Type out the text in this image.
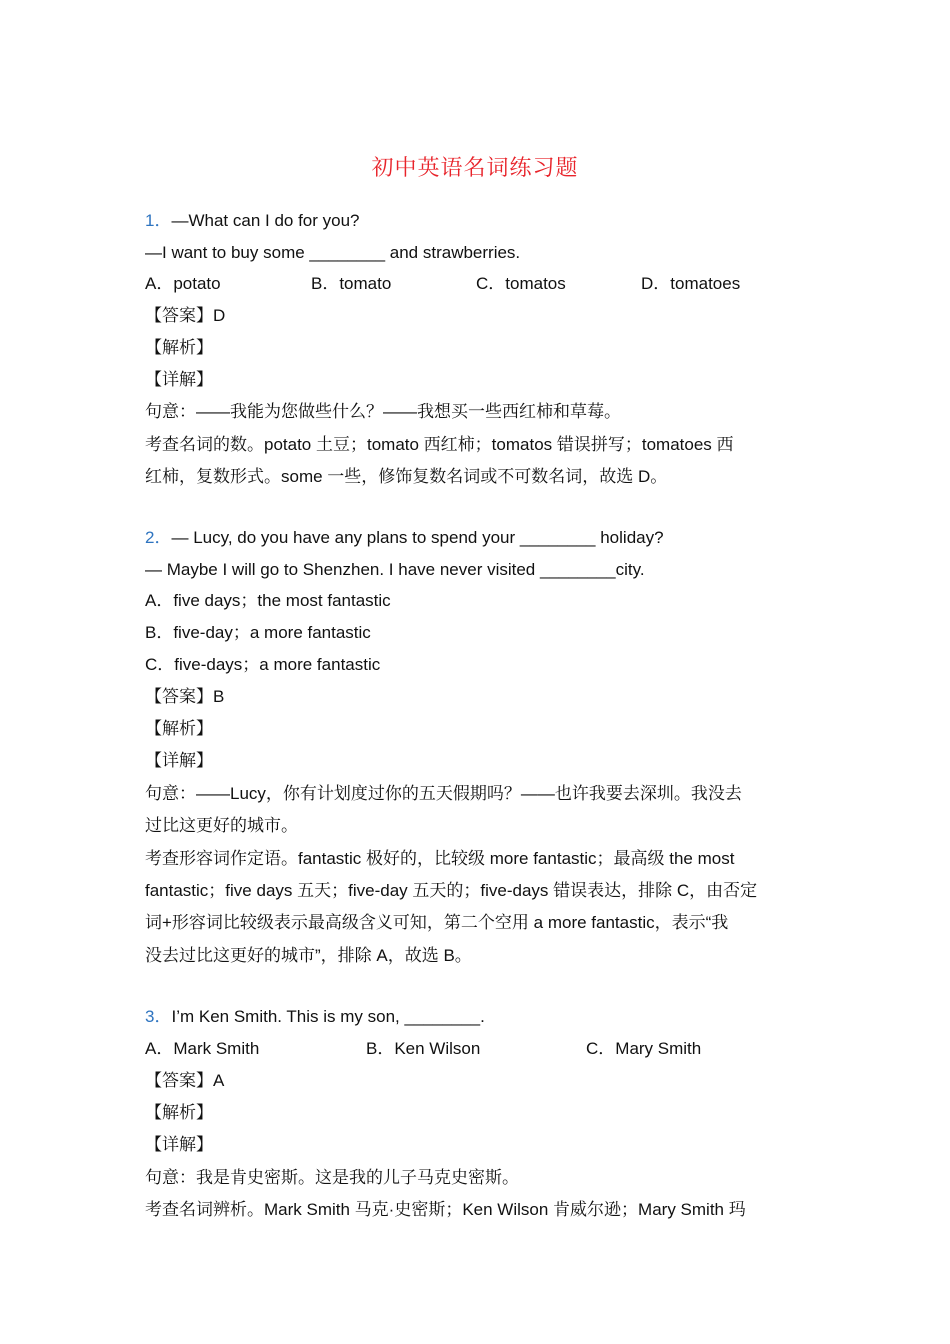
初中英语名词练习题
1．—What can I do for you?
—I want to buy some ________ and strawberries.
A．potato	B．tomato	C．tomatos	D．tomatoes
【答案】D
【解析】
【详解】
句意：——我能为您做些什么？——我想买一些西红柿和草莓。
考查名词的数。potato 土豆；tomato 西红柿；tomatos 错误拼写；tomatoes 西
红柿，复数形式。some 一些，修饰复数名词或不可数名词，故选 D。
2．— Lucy, do you have any plans to spend your ________ holiday?
— Maybe I will go to Shenzhen. I have never visited ________city.
A．five days；the most fantastic
B．five-day；a more fantastic
C．five-days；a more fantastic
【答案】B
【解析】
【详解】
句意：——Lucy，你有计划度过你的五天假期吗？——也许我要去深圳。我没去
过比这更好的城市。
考查形容词作定语。fantastic 极好的，比较级 more fantastic；最高级 the most
fantastic；five days 五天；five-day 五天的；five-days 错误表达，排除 C，由否定
词+形容词比较级表示最高级含义可知，第二个空用 a more fantastic，表示“我
没去过比这更好的城市”，排除 A，故选 B。
3．I’m Ken Smith. This is my son, ________.
A．Mark Smith	B．Ken Wilson	C．Mary Smith
【答案】A
【解析】
【详解】
句意：我是肯史密斯。这是我的儿子马克史密斯。
考查名词辨析。Mark Smith 马克·史密斯；Ken Wilson 肯威尔逊；Mary Smith 玛
